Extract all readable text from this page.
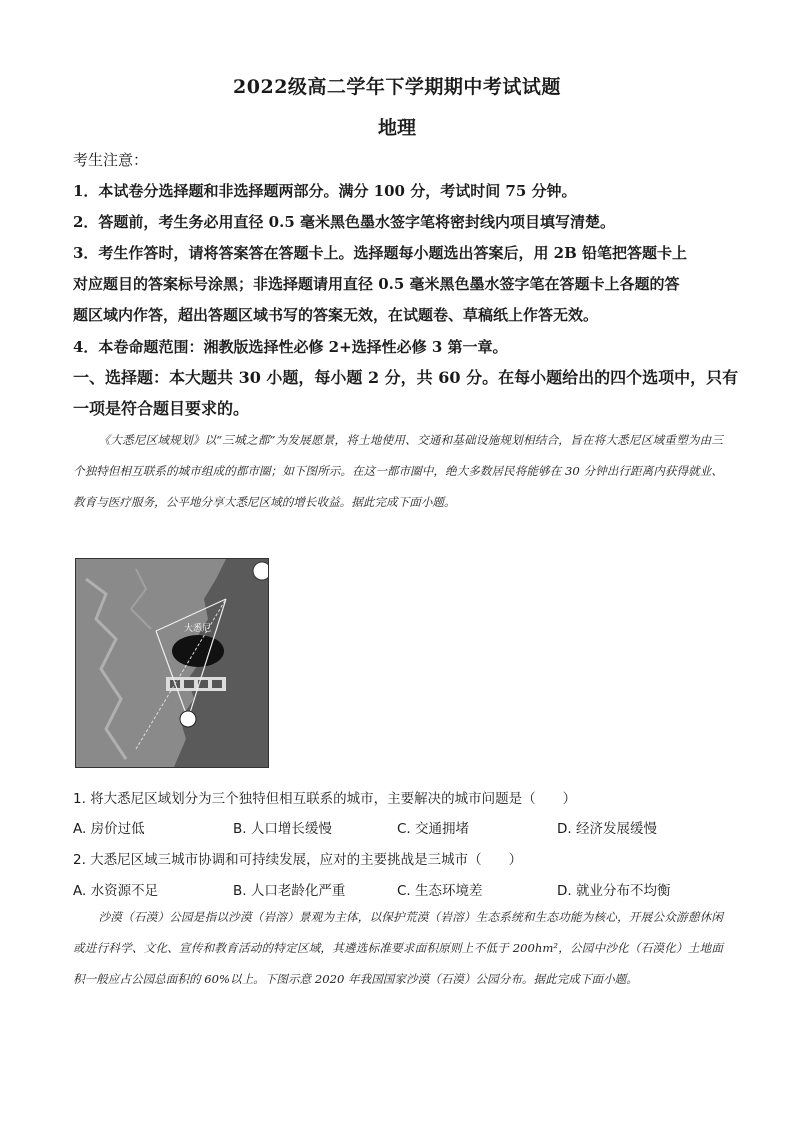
2022级高二学年下学期期中考试试题
地理
考生注意：
1．本试卷分选择题和非选择题两部分。满分 100 分，考试时间 75 分钟。
2．答题前，考生务必用直径 0.5 毫米黑色墨水签字笔将密封线内项目填写清楚。
3．考生作答时，请将答案答在答题卡上。选择题每小题选出答案后，用 2B 铅笔把答题卡上
对应题目的答案标号涂黑；非选择题请用直径 0.5 毫米黑色墨水签字笔在答题卡上各题的答
题区域内作答，超出答题区域书写的答案无效，在试题卷、草稿纸上作答无效。
4．本卷命题范围：湘教版选择性必修 2+选择性必修 3 第一章。
一、选择题：本大题共 30 小题，每小题 2 分，共 60 分。在每小题给出的四个选项中，只有
一项是符合题目要求的。
《大悉尼区域规划》以“三城之都”为发展愿景，将土地使用、交通和基础设施规划相结合，旨在将大悉尼区域重塑为由三个独特但相互联系的城市组成的都市圈；如下图所示。在这一都市圈中，绝大多数居民将能够在 30 分钟出行距离内获得就业、教育与医疗服务，公平地分享大悉尼区域的增长收益。据此完成下面小题。
大悉尼
1. 将大悉尼区域划分为三个独特但相互联系的城市，主要解决的城市问题是（　　）
A. 房价过低	B. 人口增长缓慢	C. 交通拥堵	D. 经济发展缓慢
2. 大悉尼区域三城市协调和可持续发展，应对的主要挑战是三城市（　　）
A. 水资源不足	B. 人口老龄化严重	C. 生态环境差	D. 就业分布不均衡
沙漠（石漠）公园是指以沙漠（岩溶）景观为主体，以保护荒漠（岩溶）生态系统和生态功能为核心，开展公众游憩休闲或进行科学、文化、宣传和教育活动的特定区域，其遴选标准要求面积原则上不低于 200hm²，公园中沙化（石漠化）土地面积一般应占公园总面积的 60%以上。下图示意 2020 年我国国家沙漠（石漠）公园分布。据此完成下面小题。
